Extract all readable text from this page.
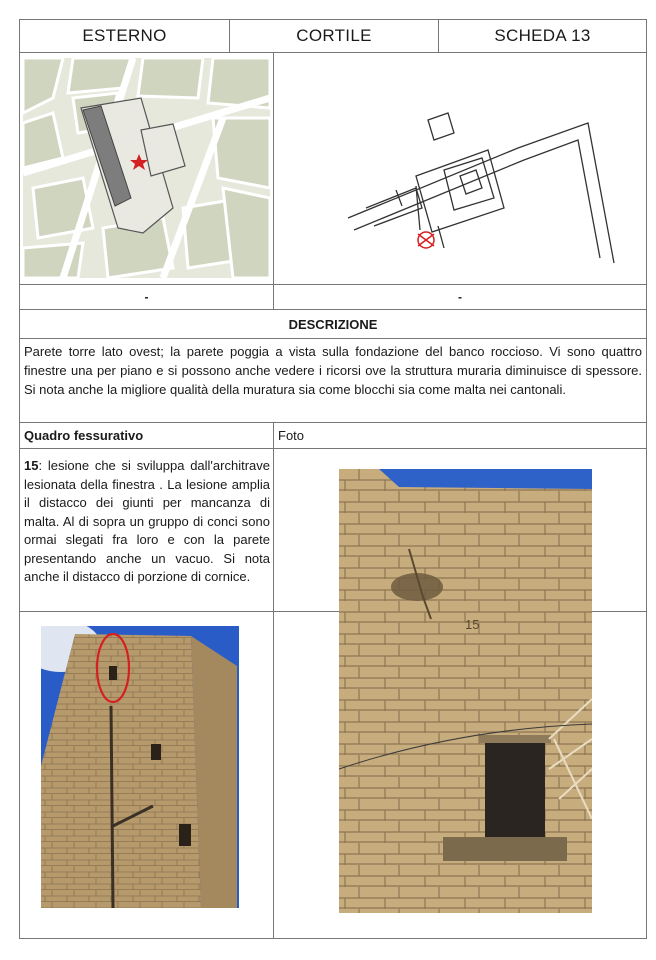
ESTERNO	CORTILE	SCHEDA 13
-	-
DESCRIZIONE
Parete torre lato ovest; la parete poggia a vista sulla fondazione del banco roccioso. Vi sono quattro finestre una per piano e si possono anche vedere i ricorsi ove la struttura muraria diminuisce di spessore. Si nota anche la migliore qualità della muratura sia come blocchi sia come malta nei cantonali.
Quadro fessurativo	Foto
15: lesione che si sviluppa dall'architrave lesionata della finestra . La lesione amplia il distacco dei giunti per mancanza di malta. Al di sopra un gruppo di conci sono ormai slegati fra loro e con la parete presentando anche un vacuo. Si nota anche il distacco di porzione di cornice.
15
